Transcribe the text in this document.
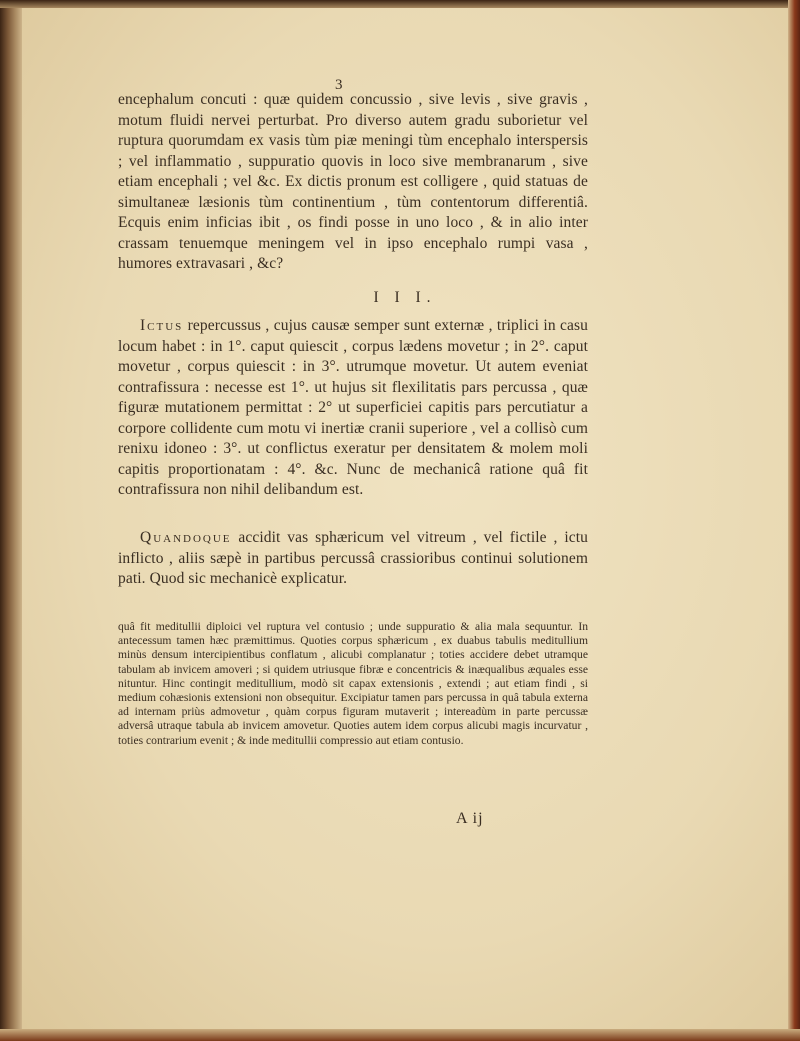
3
encephalum concuti : quæ quidem concussio , sive levis , sive gravis , motum fluidi nervei perturbat. Pro diverso autem gradu suborietur vel ruptura quorumdam ex vasis tùm piæ meningi tùm encephalo interspersis ; vel inflammatio , suppuratio quovis in loco sive membranarum , sive etiam encephali ; vel &c. Ex dictis pronum est colligere , quid statuas de simultaneæ læsionis tùm continentium , tùm contentorum differentiâ. Ecquis enim inficias ibit , os findi posse in uno loco , & in alio inter crassam tenuemque meningem vel in ipso encephalo rumpi vasa , humores extravasari , &c?
I I I.
Ictus repercussus , cujus causæ semper sunt externæ , triplici in casu locum habet : in 1°. caput quiescit , corpus lædens movetur ; in 2°. caput movetur , corpus quiescit : in 3°. utrumque movetur. Ut autem eveniat contrafissura : necesse est 1°. ut hujus sit flexilitatis pars percussa , quæ figuræ mutationem permittat : 2° ut superficiei capitis pars percutiatur a corpore collidente cum motu vi inertiæ cranii superiore , vel a collisò cum renixu idoneo : 3°. ut conflictus exeratur per densitatem & molem moli capitis proportionatam : 4°. &c. Nunc de mechanicâ ratione quâ fit contrafissura non nihil delibandum est.
Quandoque accidit vas sphæricum vel vitreum , vel fictile , ictu inflicto , aliis sæpè in partibus percussâ crassioribus continui solutionem pati. Quod sic mechanicè explicatur.
quâ fit meditullii diploici vel ruptura vel contusio ; unde suppuratio & alia mala sequuntur. In antecessum tamen hæc præmittimus. Quoties corpus sphæricum , ex duabus tabulis meditullium minùs densum intercipientibus conflatum , alicubi complanatur ; toties accidere debet utramque tabulam ab invicem amoveri ; si quidem utriusque fibræ e concentricis & inæqualibus æquales esse nituntur. Hinc contingit meditullium, modò sit capax extensionis , extendi ; aut etiam findi , si medium cohæsionis extensioni non obsequitur. Excipiatur tamen pars percussa in quâ tabula externa ad internam priùs admovetur , quàm corpus figuram mutaverit ; intereadùm in parte percussæ adversâ utraque tabula ab invicem amovetur. Quoties autem idem corpus alicubi magis incurvatur , toties contrarium evenit ; & inde meditullii compressio aut etiam contusio.
A ij
